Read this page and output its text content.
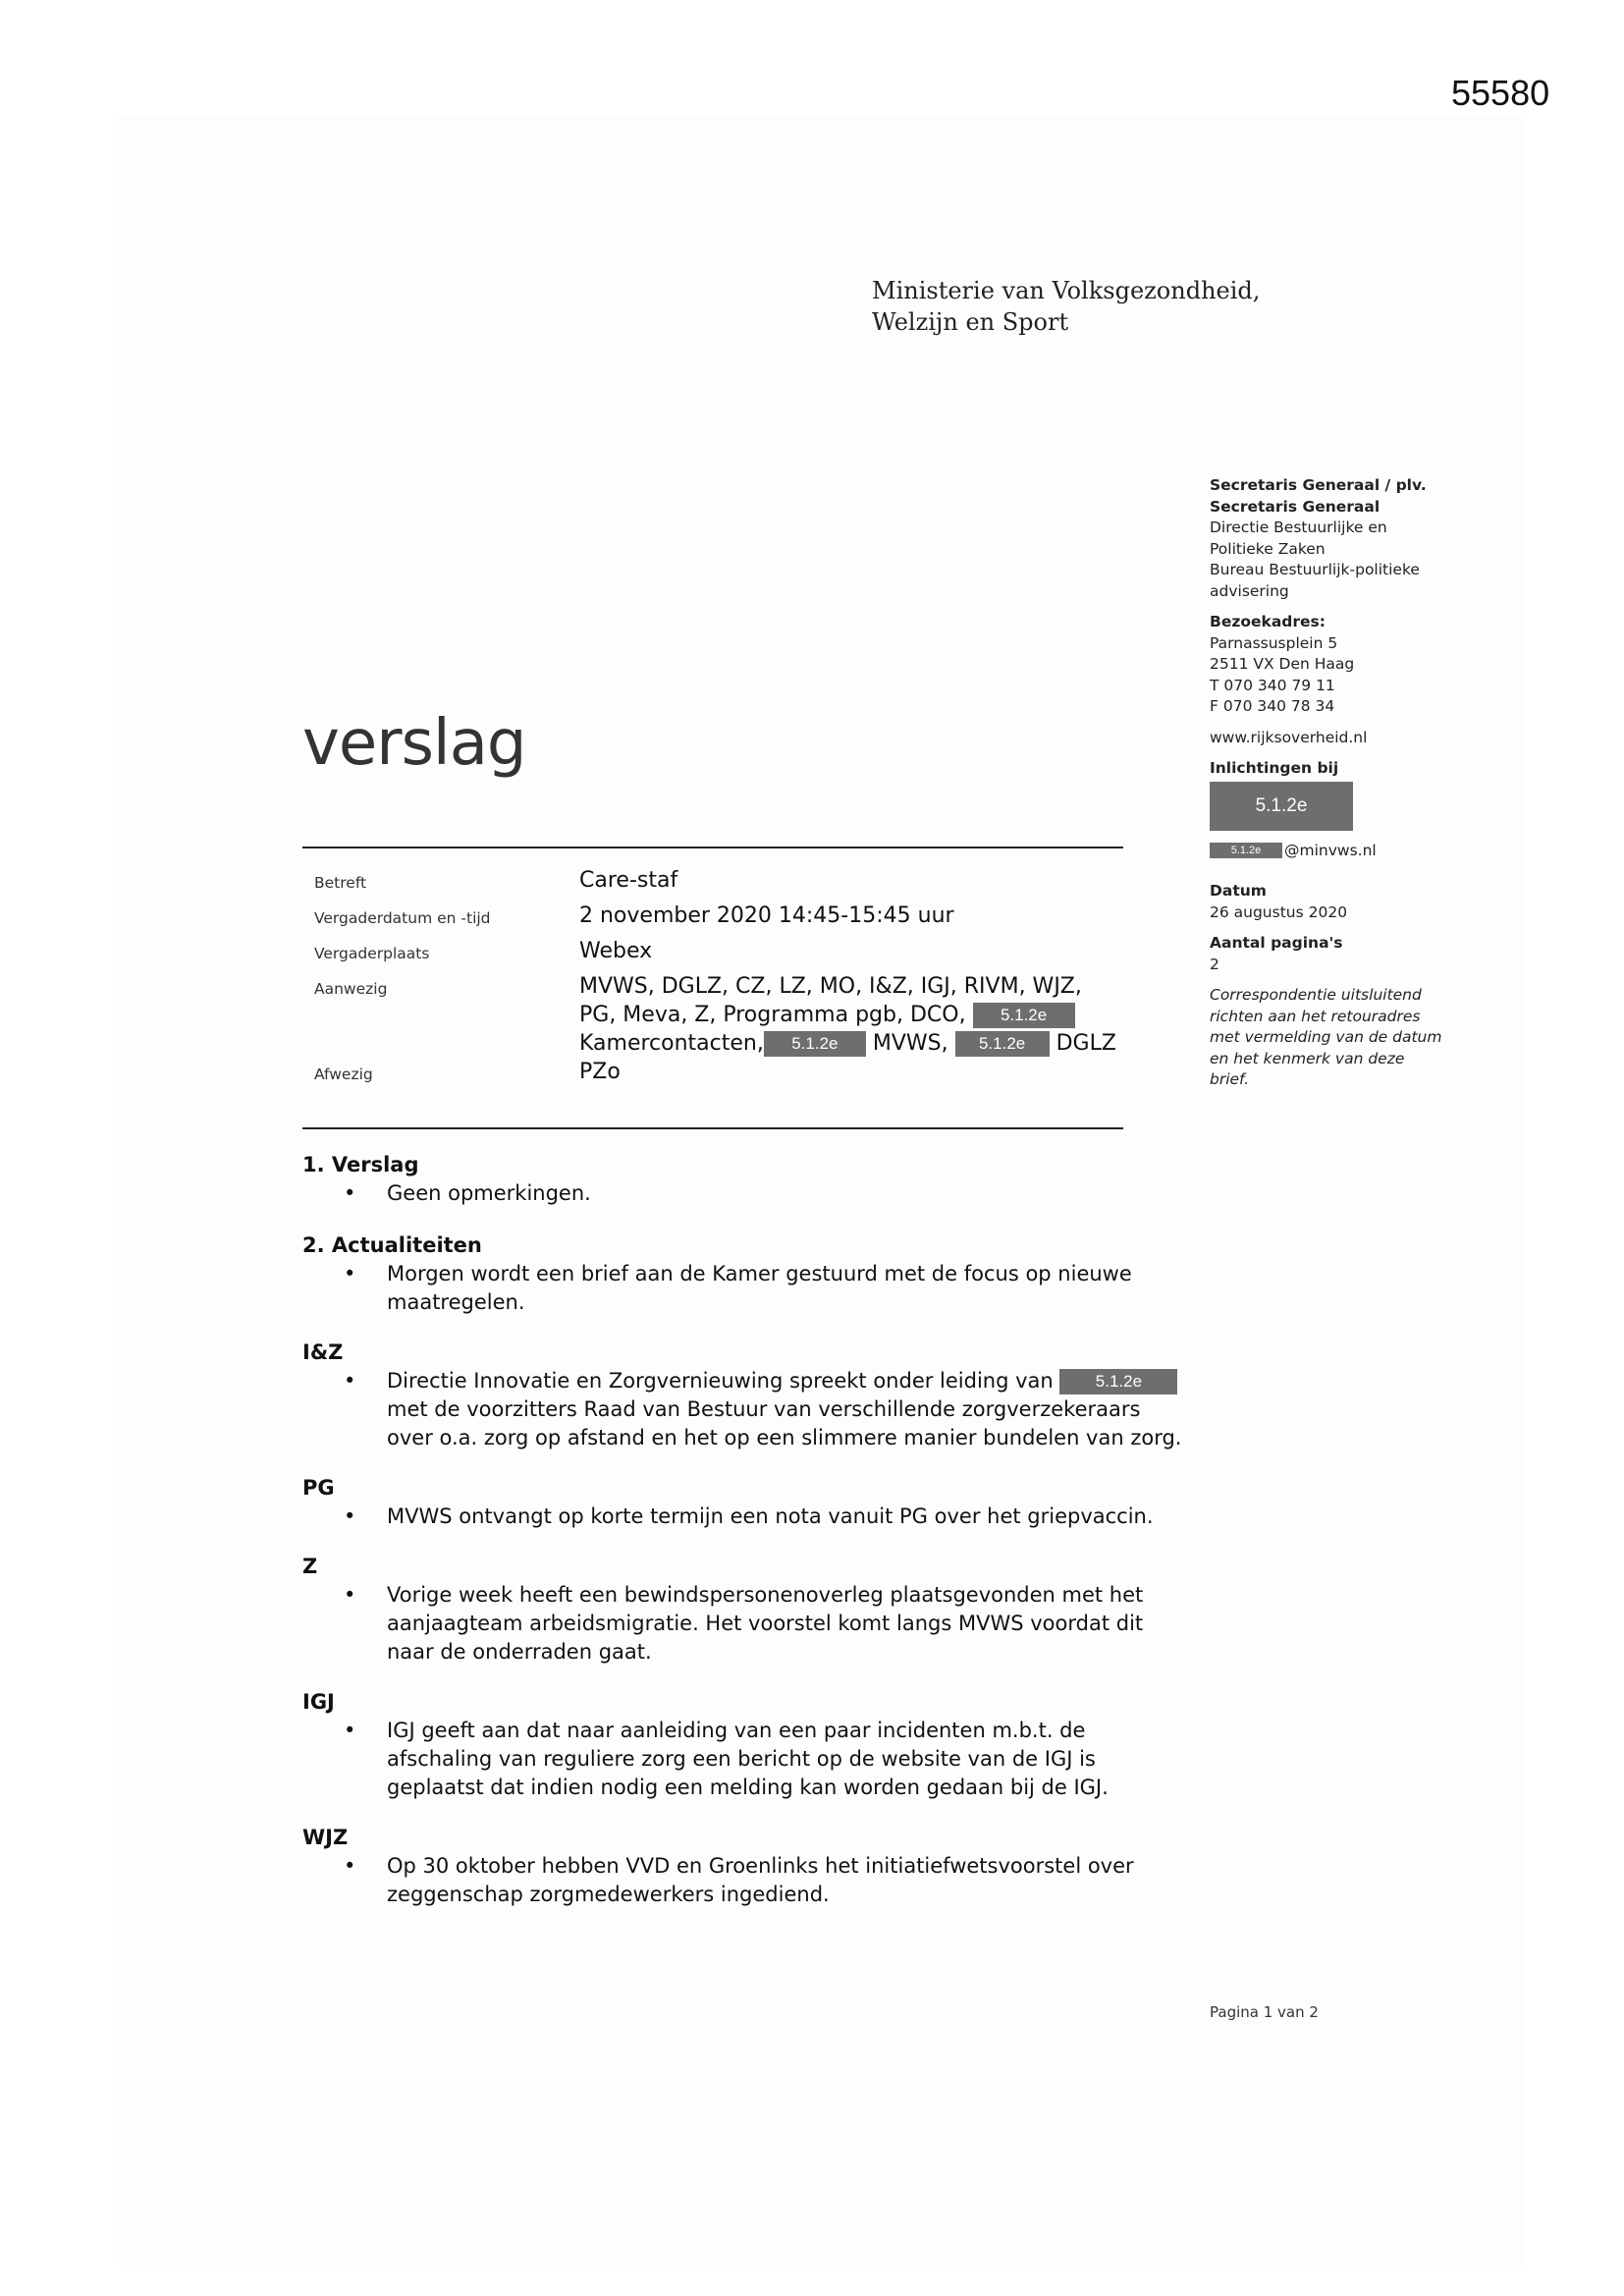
55580
Ministerie van Volksgezondheid,
Welzijn en Sport
verslag
Secretaris Generaal / plv.
Secretaris Generaal
Directie Bestuurlijke en
Politieke Zaken
Bureau Bestuurlijk-politieke
advisering
Bezoekadres:
Parnassusplein 5
2511 VX Den Haag
T 070 340 79 11
F 070 340 78 34
www.rijksoverheid.nl
Inlichtingen bij
5.1.2e
5.1.2e @minvws.nl
Datum
26 augustus 2020
Aantal pagina's
2
Correspondentie uitsluitend
richten aan het retouradres
met vermelding van de datum
en het kenmerk van deze
brief.
Betreft	Care-staf
Vergaderdatum en -tijd	2 november 2020 14:45-15:45 uur
Vergaderplaats	Webex
Aanwezig	MVWS, DGLZ, CZ, LZ, MO, I&Z, IGJ, RIVM, WJZ,
PG, Meva, Z, Programma pgb, DCO, 5.1.2e
Kamercontacten, 5.1.2e MVWS, 5.1.2e DGLZ
Afwezig	PZo
1. Verslag
• Geen opmerkingen.
2. Actualiteiten
• Morgen wordt een brief aan de Kamer gestuurd met de focus op nieuwe maatregelen.
I&Z
• Directie Innovatie en Zorgvernieuwing spreekt onder leiding van	5.1.2e met de voorzitters Raad van Bestuur van verschillende zorgverzekeraars over o.a. zorg op afstand en het op een slimmere manier bundelen van zorg.
PG
• MVWS ontvangt op korte termijn een nota vanuit PG over het griepvaccin.
Z
• Vorige week heeft een bewindspersonenoverleg plaatsgevonden met het aanjaagteam arbeidsmigratie. Het voorstel komt langs MVWS voordat dit naar de onderraden gaat.
IGJ
• IGJ geeft aan dat naar aanleiding van een paar incidenten m.b.t. de afschaling van reguliere zorg een bericht op de website van de IGJ is geplaatst dat indien nodig een melding kan worden gedaan bij de IGJ.
WJZ
• Op 30 oktober hebben VVD en Groenlinks het initiatiefwetsvoorstel over zeggenschap zorgmedewerkers ingediend.
Pagina 1 van 2
